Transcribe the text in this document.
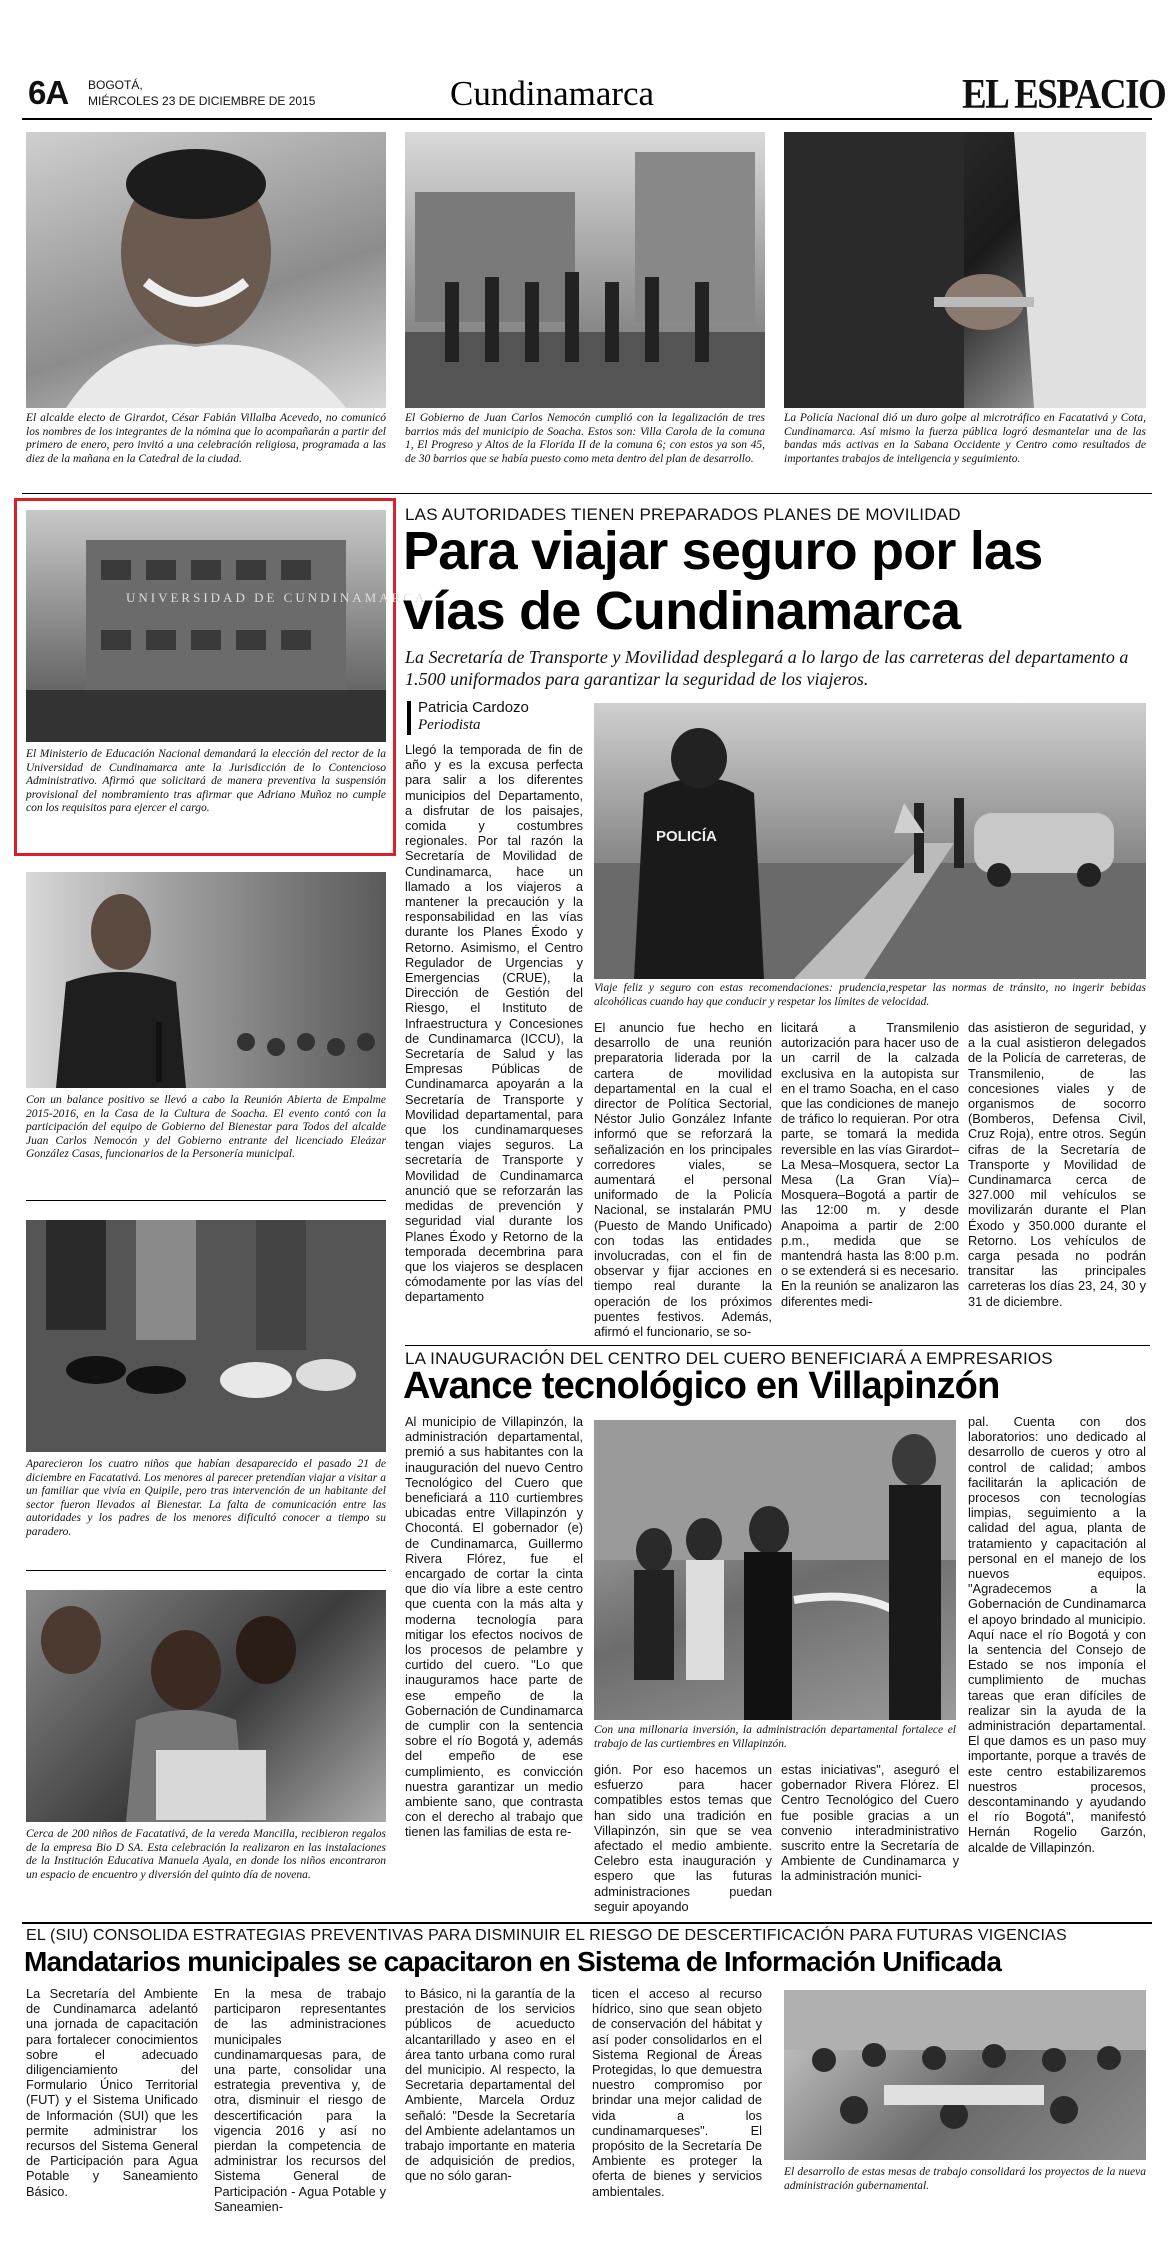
6A BOGOTÁ,
MIÉRCOLES 23 DE DICIEMBRE DE 2015	Cundinamarca	EL ESPACIO
El alcalde electo de Girardot, César Fabián Villalba Acevedo, no comunicó los nombres de los integrantes de la nómina que lo acompañarán a partir del primero de enero, pero invitó a una celebración religiosa, programada a las diez de la mañana en la Catedral de la ciudad.
El Gobierno de Juan Carlos Nemocón cumplió con la legalización de tres barrios más del municipio de Soacha. Estos son: Villa Carola de la comuna 1, El Progreso y Altos de la Florida II de la comuna 6; con estos ya son 45, de 30 barrios que se había puesto como meta dentro del plan de desarrollo.
La Policía Nacional dió un duro golpe al microtráfico en Facatativá y Cota, Cundinamarca. Así mismo la fuerza pública logró desmantelar una de las bandas más activas en la Sabana Occidente y Centro como resultados de importantes trabajos de inteligencia y seguimiento.
UNIVERSIDAD DE CUNDINAMARCA
El Ministerio de Educación Nacional demandará la elección del rector de la Universidad de Cundinamarca ante la Jurisdicción de lo Contencioso Administrativo. Afirmó que solicitará de manera preventiva la suspensión provisional del nombramiento tras afirmar que Adriano Muñoz no cumple con los requisitos para ejercer el cargo.
Con un balance positivo se llevó a cabo la Reunión Abierta de Empalme 2015-2016, en la Casa de la Cultura de Soacha. El evento contó con la participación del equipo de Gobierno del Bienestar para Todos del alcalde Juan Carlos Nemocón y del Gobierno entrante del licenciado Eleázar González Casas, funcionarios de la Personería municipal.
Aparecieron los cuatro niños que habían desaparecido el pasado 21 de diciembre en Facatativá. Los menores al parecer pretendían viajar a visitar a un familiar que vivía en Quipile, pero tras intervención de un habitante del sector fueron llevados al Bienestar. La falta de comunicación entre las autoridades y los padres de los menores dificultó conocer a tiempo su paradero.
Cerca de 200 niños de Facatativá, de la vereda Mancilla, recibieron regalos de la empresa Bio D SA. Esta celebración la realizaron en las instalaciones de la Institución Educativa Manuela Ayala, en donde los niños encontraron un espacio de encuentro y diversión del quinto día de novena.
LAS AUTORIDADES TIENEN PREPARADOS PLANES DE MOVILIDAD
Para viajar seguro por las
vías de Cundinamarca
La Secretaría de Transporte y Movilidad desplegará a lo largo de las carreteras del departamento a 1.500 uniformados para garantizar la seguridad de los viajeros.
Patricia Cardozo
Periodista
Llegó la temporada de fin de año y es la excusa perfecta para salir a los diferentes municipios del Departamento, a disfrutar de los paisajes, comida y costumbres regionales. Por tal razón la Secretaría de Movilidad de Cundinamarca, hace un llamado a los viajeros a mantener la precaución y la responsabilidad en las vías durante los Planes Éxodo y Retorno. Asimismo, el Centro Regulador de Urgencias y Emergencias (CRUE), la Dirección de Gestión del Riesgo, el Instituto de Infraestructura y Concesiones de Cundinamarca (ICCU), la Secretaría de Salud y las Empresas Públicas de Cundinamarca apoyarán a la Secretaría de Transporte y Movilidad departamental, para que los cundinamarqueses tengan viajes seguros. La secretaría de Transporte y Movilidad de Cundinamarca anunció que se reforzarán las medidas de prevención y seguridad vial durante los Planes Éxodo y Retorno de la temporada decembrina para que los viajeros se desplacen cómodamente por las vías del departamento
POLICÍA
Viaje feliz y seguro con estas recomendaciones: prudencia,respetar las normas de tránsito, no ingerir bebidas alcohólicas cuando hay que conducir y respetar los límites de velocidad.
El anuncio fue hecho en desarrollo de una reunión preparatoria liderada por la cartera de movilidad departamental en la cual el director de Política Sectorial, Néstor Julio González Infante informó que se reforzará la señalización en los principales corredores viales, se aumentará el personal uniformado de la Policía Nacional, se instalarán PMU (Puesto de Mando Unificado) con todas las entidades involucradas, con el fin de observar y fijar acciones en tiempo real durante la operación de los próximos puentes festivos. Además, afirmó el funcionario, se so-
licitará a Transmilenio autorización para hacer uso de un carril de la calzada exclusiva en la autopista sur en el tramo Soacha, en el caso que las condiciones de manejo de tráfico lo requieran. Por otra parte, se tomará la medida reversible en las vías Girardot–La Mesa–Mosquera, sector La Mesa (La Gran Vía)–Mosquera–Bogotá a partir de las 12:00 m. y desde Anapoima a partir de 2:00 p.m., medida que se mantendrá hasta las 8:00 p.m. o se extenderá si es necesario. En la reunión se analizaron las diferentes medi-
das asistieron de seguridad, y a la cual asistieron delegados de la Policía de carreteras, de Transmilenio, de las concesiones viales y de organismos de socorro (Bomberos, Defensa Civil, Cruz Roja), entre otros. Según cifras de la Secretaría de Transporte y Movilidad de Cundinamarca cerca de 327.000 mil vehículos se movilizarán durante el Plan Éxodo y 350.000 durante el Retorno. Los vehículos de carga pesada no podrán transitar las principales carreteras los días 23, 24, 30 y 31 de diciembre.
LA INAUGURACIÓN DEL CENTRO DEL CUERO BENEFICIARÁ A EMPRESARIOS
Avance tecnológico en Villapinzón
Al municipio de Villapinzón, la administración departamental, premió a sus habitantes con la inauguración del nuevo Centro Tecnológico del Cuero que beneficiará a 110 curtiembres ubicadas entre Villapinzón y Chocontá. El gobernador (e) de Cundinamarca, Guillermo Rivera Flórez, fue el encargado de cortar la cinta que dio vía libre a este centro que cuenta con la más alta y moderna tecnología para mitigar los efectos nocivos de los procesos de pelambre y curtido del cuero. "Lo que inauguramos hace parte de ese empeño de la Gobernación de Cundinamarca de cumplir con la sentencia sobre el río Bogotá y, además del empeño de ese cumplimiento, es convicción nuestra garantizar un medio ambiente sano, que contrasta con el derecho al trabajo que tienen las familias de esta re-
Con una millonaria inversión, la administración departamental fortalece el trabajo de las curtiembres en Villapinzón.
gión. Por eso hacemos un esfuerzo para hacer compatibles estos temas que han sido una tradición en Villapinzón, sin que se vea afectado el medio ambiente. Celebro esta inauguración y espero que las futuras administraciones puedan seguir apoyando
estas iniciativas", aseguró el gobernador Rivera Flórez. El Centro Tecnológico del Cuero fue posible gracias a un convenio interadministrativo suscrito entre la Secretaría de Ambiente de Cundinamarca y la administración munici-
pal. Cuenta con dos laboratorios: uno dedicado al desarrollo de cueros y otro al control de calidad; ambos facilitarán la aplicación de procesos con tecnologías limpias, seguimiento a la calidad del agua, planta de tratamiento y capacitación al personal en el manejo de los nuevos equipos. "Agradecemos a la Gobernación de Cundinamarca el apoyo brindado al municipio. Aquí nace el río Bogotá y con la sentencia del Consejo de Estado se nos imponía el cumplimiento de muchas tareas que eran difíciles de realizar sin la ayuda de la administración departamental. El que damos es un paso muy importante, porque a través de este centro estabilizaremos nuestros procesos, descontaminando y ayudando el río Bogotá", manifestó Hernán Rogelio Garzón, alcalde de Villapinzón.
EL (SIU) CONSOLIDA ESTRATEGIAS PREVENTIVAS PARA DISMINUIR EL RIESGO DE DESCERTIFICACIÓN PARA FUTURAS VIGENCIAS
Mandatarios municipales se capacitaron en Sistema de Información Unificada
La Secretaría del Ambiente de Cundinamarca adelantó una jornada de capacitación para fortalecer conocimientos sobre el adecuado diligenciamiento del Formulario Único Territorial (FUT) y el Sistema Unificado de Información (SUI) que les permite administrar los recursos del Sistema General de Participación para Agua Potable y Saneamiento Básico.
En la mesa de trabajo participaron representantes de las administraciones municipales cundinamarquesas para, de una parte, consolidar una estrategia preventiva y, de otra, disminuir el riesgo de descertificación para la vigencia 2016 y así no pierdan la competencia de administrar los recursos del Sistema General de Participación - Agua Potable y Saneamien-
to Básico, ni la garantía de la prestación de los servicios públicos de acueducto alcantarillado y aseo en el área tanto urbana como rural del municipio. Al respecto, la Secretaria departamental del Ambiente, Marcela Orduz señaló: "Desde la Secretaría del Ambiente adelantamos un trabajo importante en materia de adquisición de predios, que no sólo garan-
ticen el acceso al recurso hídrico, sino que sean objeto de conservación del hábitat y así poder consolidarlos en el Sistema Regional de Áreas Protegidas, lo que demuestra nuestro compromiso por brindar una mejor calidad de vida a los cundinamarqueses". El propósito de la Secretaría De Ambiente es proteger la oferta de bienes y servicios ambientales.
El desarrollo de estas mesas de trabajo consolidará los proyectos de la nueva administración gubernamental.
